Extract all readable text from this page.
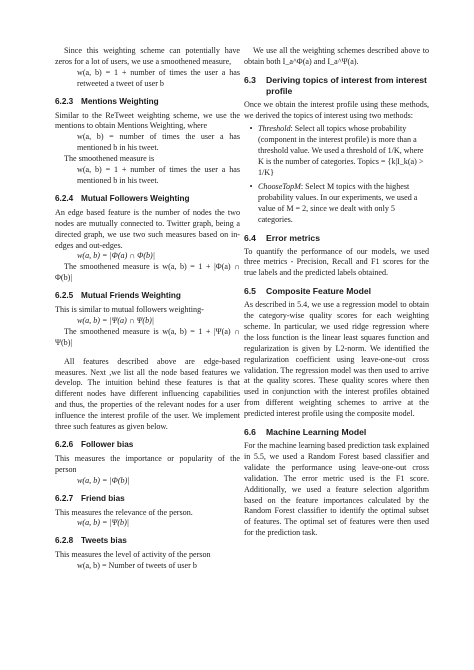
Since this weighting scheme can potentially have zeros for a lot of users, we use a smoothened measure,

w(a, b) = 1 + number of times the user a has retweeted a tweet of user b

6.2.3 Mentions Weighting

Similar to the ReTweet weighting scheme, we use the mentions to obtain Mentions Weighting, where

w(a, b) = number of times the user a has mentioned b in his tweet.

The smoothened measure is

w(a, b) = 1 + number of times the user a has mentioned b in his tweet.

6.2.4 Mutual Followers Weighting

An edge based feature is the number of nodes the two nodes are mutually connected to. Twitter graph, being a directed graph, we use two such measures based on in-edges and out-edges.

w(a, b) = |Φ(a) ∩ Φ(b)|

The smoothened measure is w(a, b) = 1 + |Φ(a) ∩ Φ(b)|

6.2.5 Mutual Friends Weighting

This is similar to mutual followers weighting-

w(a, b) = |Ψ(a) ∩ Ψ(b)|

The smoothened measure is w(a, b) = 1 + |Ψ(a) ∩ Ψ(b)|

All features described above are edge-based measures. Next ,we list all the node based features we develop. The intuition behind these features is that different nodes have different influencing capabilities and thus, the properties of the relevant nodes for a user influence the interest profile of the user. We implement three such features as given below.

6.2.6 Follower bias

This measures the importance or popularity of the person

w(a, b) = |Φ(b)|

6.2.7 Friend bias

This measures the relevance of the person.

w(a, b) = |Ψ(b)|

6.2.8 Tweets bias

This measures the level of activity of the person

w(a, b) = Number of tweets of user b

We use all the weighting schemes described above to obtain both I_a^Φ(a) and I_a^Ψ(a).

6.3	Deriving topics of interest from interest profile

Once we obtain the interest profile using these methods, we derived the topics of interest using two methods:

• Threshold: Select all topics whose probability (component in the interest profile) is more than a threshold value. We used a threshold of 1/K, where K is the number of categories. Topics = {k|I_k(a) > 1/K}
• ChooseTopM: Select M topics with the highest probability values. In our experiments, we used a value of M = 2, since we dealt with only 5 categories.
6.4	Error metrics

To quantify the performance of our models, we used three metrics - Precision, Recall and F1 scores for the true labels and the predicted labels obtained.

6.5	Composite Feature Model

As described in 5.4, we use a regression model to obtain the category-wise quality scores for each weighting scheme. In particular, we used ridge regression where the loss function is the linear least squares function and regularization is given by L2-norm. We identified the regularization coefficient using leave-one-out cross validation. The regression model was then used to arrive at the quality scores. These quality scores where then used in conjunction with the interest profiles obtained from different weighting schemes to arrive at the predicted interest profile using the composite model.

6.6	Machine Learning Model

For the machine learning based prediction task explained in 5.5, we used a Random Forest based classifier and validate the performance using leave-one-out cross validation. The error metric used is the F1 score. Additionally, we used a feature selection algorithm based on the feature importances calculated by the Random Forest classifier to identify the optimal subset of features. The optimal set of features were then used for the prediction task.
